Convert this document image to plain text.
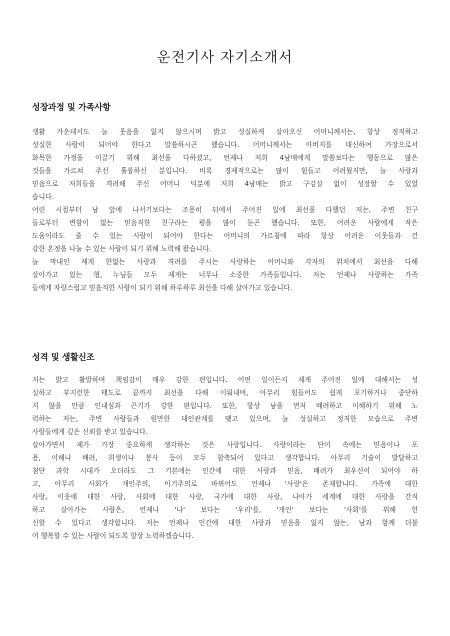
운전기사 자기소개서
성장과정 및 가족사항
생활 가운데서도 늘 웃음을 잃지 않으시며 밝고 성실하게 살아오신 어머니께서는, 항상 정직하고
성실한 사람이 되어야 한다고 말씀하시곤 했습니다. 어머니께서는 아버지를 대신하여 가장으로서
화목한 가정을 이끌기 위해 최선을 다하셨고, 언제나 저희 4남매에게 말씀보다는 행동으로 많은
것들을 가르쳐 주신 훌륭하신 분입니다. 비록 경제적으로는 많이 힘들고 어려웠지만, 늘 사랑과
믿음으로 저희들을 격려해 주신 어머니 덕분에 저희 4남매는 밝고 구김살 없이 성장할 수 있었
습니다.
어린 시절부터 남 앞에 나서기보다는 조용히 뒤에서 주어진 일에 최선을 다했던 저는, 주변 친구
들로부터 변함이 없는 믿음직한 친구라는 평을 많이 듣곤 했습니다. 또한, 어려운 사람에게 작은
도움이라도 줄 수 있는 사람이 되어야 한다는 어머니의 가르침에 따라 항상 어려운 이웃들과 건
강한 온정을 나눌 수 있는 사람이 되기 위해 노력해 왔습니다.
늘 막내인 제게 한없는 사랑과 격려를 주시는 사랑하는 어머니와 각자의 위치에서 최선을 다해
살아가고 있는 형, 누님들 모두 제게는 너무나 소중한 가족들입니다. 저는 언제나 사랑하는 가족
들에게 자랑스럽고 믿음직한 사람이 되기 위해 하루하루 최선을 다해 살아가고 있습니다.
성격 및 생활신조
저는 밝고 활발하며 책임감이 매우 강한 편입니다. 어떤 일이든지 제게 주어진 일에 대해서는 성
실하고 부지런한 태도로 끝까지 최선을 다해 이뤄내며, 아무리 힘들어도 쉽게 포기하거나 중단하
지 않을 만큼 인내심과 끈기가 강한 편입니다. 또한, 항상 남을 먼저 배려하고 이해하기 위해 노
력하는 저는, 주변 사람들과 원만한 대인관계를 맺고 있으며, 늘 성실하고 정직한 모습으로 주변
사람들에게 깊은 신뢰를 받고 있습니다.
살아가면서 제가 가장 중요하게 생각하는 것은 사랑입니다. 사랑이라는 단어 속에는 믿음이나 포
용, 이해나 배려, 희생이나 봉사 등이 모두 함축되어 있다고 생각합니다. 아무리 기술이 발달하고
첨단 과학 시대가 오더라도 그 기본에는 인간에 대한 사랑과 믿음, 배려가 최우선이 되어야 하
고, 아무리 사회가 개인주의, 이기주의로 바뀌어도 언제나 '사랑'은 존재합니다. 가족에 대한
사랑, 이웃에 대한 사랑, 사회에 대한 사랑, 국가에 대한 사랑, 나아가 세계에 대한 사랑을 간직
하고 살아가는 사람은, 언제나 '나' 보다는 '우리'를, '개인' 보다는 '사회'를 위해 헌
신할 수 있다고 생각합니다. 저는 언제나 인간에 대한 사랑과 믿음을 잃지 않는, 남과 함께 더불
어 행복할 수 있는 사람이 되도록 항상 노력하겠습니다.
